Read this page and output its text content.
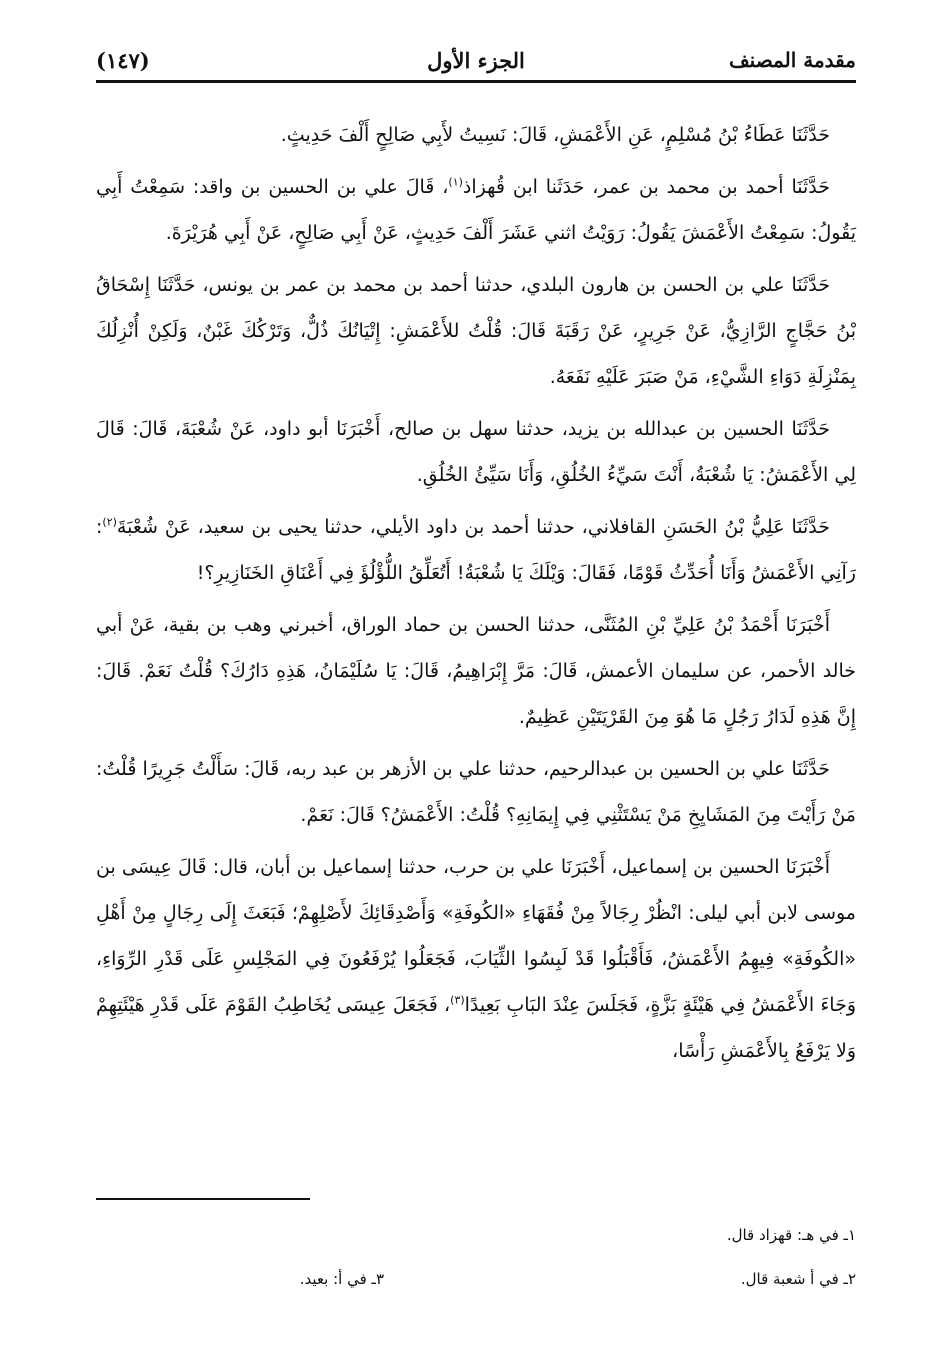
مقدمة المصنف
الجزء الأول
(١٤٧)

حَدَّثَنَا عَطَاءُ بْنُ مُسْلِمٍ، عَنِ الأَعْمَشِ، قَالَ: نَسِيتُ لأَبِي صَالِحٍ أَلْفَ حَدِيثٍ.

حَدَّثَنَا أحمد بن محمد بن عمر، حَدَثَنا ابن قُهزاذ$^{(١)}$، قَالَ علي بن الحسين بن واقد: سَمِعْتُ أَبِي يَقُولُ: سَمِعْتُ الأَعْمَشَ يَقُولُ: رَوَيْتُ اثني عَشَرَ أَلْفَ حَدِيثٍ، عَنْ أَبِي صَالِحٍ، عَنْ أَبِي هُرَيْرَةَ.

حَدَّثَنَا علي بن الحسن بن هارون البلدي، حدثنا أحمد بن محمد بن عمر بن يونس، حَدَّثَنَا إِسْحَاقُ بْنُ حَجَّاجٍ الرَّازِيُّ، عَنْ جَرِيرٍ، عَنْ رَقَبَةَ قَالَ: قُلْتُ للأَعْمَشِ: إِتْيَانُكَ ذُلٌّ، وَتَرْكُكَ غَبْنٌ، وَلَكِنْ أُنْزِلُكَ بِمَنْزِلَةِ دَوَاءِ الشَّيْءِ، مَنْ صَبَرَ عَلَيْهِ نَفَعَهُ.

حَدَّثَنَا الحسين بن عبدالله بن يزيد، حدثنا سهل بن صالح، أَخْبَرَنَا أبو داود، عَنْ شُعْبَةَ، قَالَ: قَالَ لِي الأَعْمَشُ: يَا شُعْبَةُ، أَنْتَ سَيِّءُ الخُلُقِ، وَأَنَا سَيِّئُ الخُلُقِ.

حَدَّثَنَا عَلِيُّ بْنُ الحَسَنِ القافلاني، حدثنا أحمد بن داود الأيلي، حدثنا يحيى بن سعيد، عَنْ شُعْبَةَ$^{(٢)}$: رَآنِي الأَعْمَشُ وَأَنَا أُحَدِّثُ قَوْمًا، فَقَالَ: وَيْلَكَ يَا شُعْبَةُ! أَتُعَلِّقُ اللُّؤْلُؤَ فِي أَعْنَاقِ الخَنَازِيرِ؟!

أَخْبَرَنَا أَحْمَدُ بْنُ عَلِيِّ بْنِ المُثَنَّى، حدثنا الحسن بن حماد الوراق، أخبرني وهب بن بقية، عَنْ أبي خالد الأحمر، عن سليمان الأعمش، قَالَ: مَرَّ إِبْرَاهِيمُ، قَالَ: يَا سُلَيْمَانُ، هَذِهِ دَارُكَ؟ قُلْتُ نَعَمْ. قَالَ: إِنَّ هَذِهِ لَدَارُ رَجُلٍ مَا هُوَ مِنَ القَرْيَتَيْنِ عَظِيمٌ.

حَدَّثَنَا علي بن الحسين بن عبدالرحيم، حدثنا علي بن الأزهر بن عبد ربه، قَالَ: سَأَلْتُ جَرِيرًا قُلْتُ: مَنْ رَأَيْتَ مِنَ المَشَايِخِ مَنْ يَسْتَثْنِي فِي إِيمَانِهِ؟ قُلْتُ: الأَعْمَشُ؟ قَالَ: نَعَمْ.

أَخْبَرَنَا الحسين بن إسماعيل، أَخْبَرَنَا علي بن حرب، حدثنا إسماعيل بن أبان، قال: قَالَ عِيسَى بن موسى لابن أبي ليلى: انْظُرْ رِجَالاً مِنْ فُقَهَاءِ «الكُوفَةِ» وَأَصْدِقَائِكَ لأَصْلِهِمْ؛ فَبَعَثَ إِلَى رِجَالٍ مِنْ أَهْلِ «الكُوفَةِ» فِيهِمُ الأَعْمَشُ، فَأَقْبَلُوا قَدْ لَبِسُوا الثِّيَابَ، فَجَعَلُوا يُرْفَعُونَ فِي المَجْلِسِ عَلَى قَدْرِ الرِّوَاءِ، وَجَاءَ الأَعْمَشُ فِي هَيْئَةٍ بَزَّةٍ، فَجَلَسَ عِنْدَ البَابِ بَعِيدًا$^{(٣)}$، فَجَعَلَ عِيسَى يُخَاطِبُ القَوْمَ عَلَى قَدْرِ هَيْئَتِهِمْ وَلا يَرْفَعُ بِالأَعْمَشِ رَأْسًا،

١ـ في هـ: قهزاد قال.
٢ـ في أ شعبة قال.
٣ـ في أ: بعيد.
